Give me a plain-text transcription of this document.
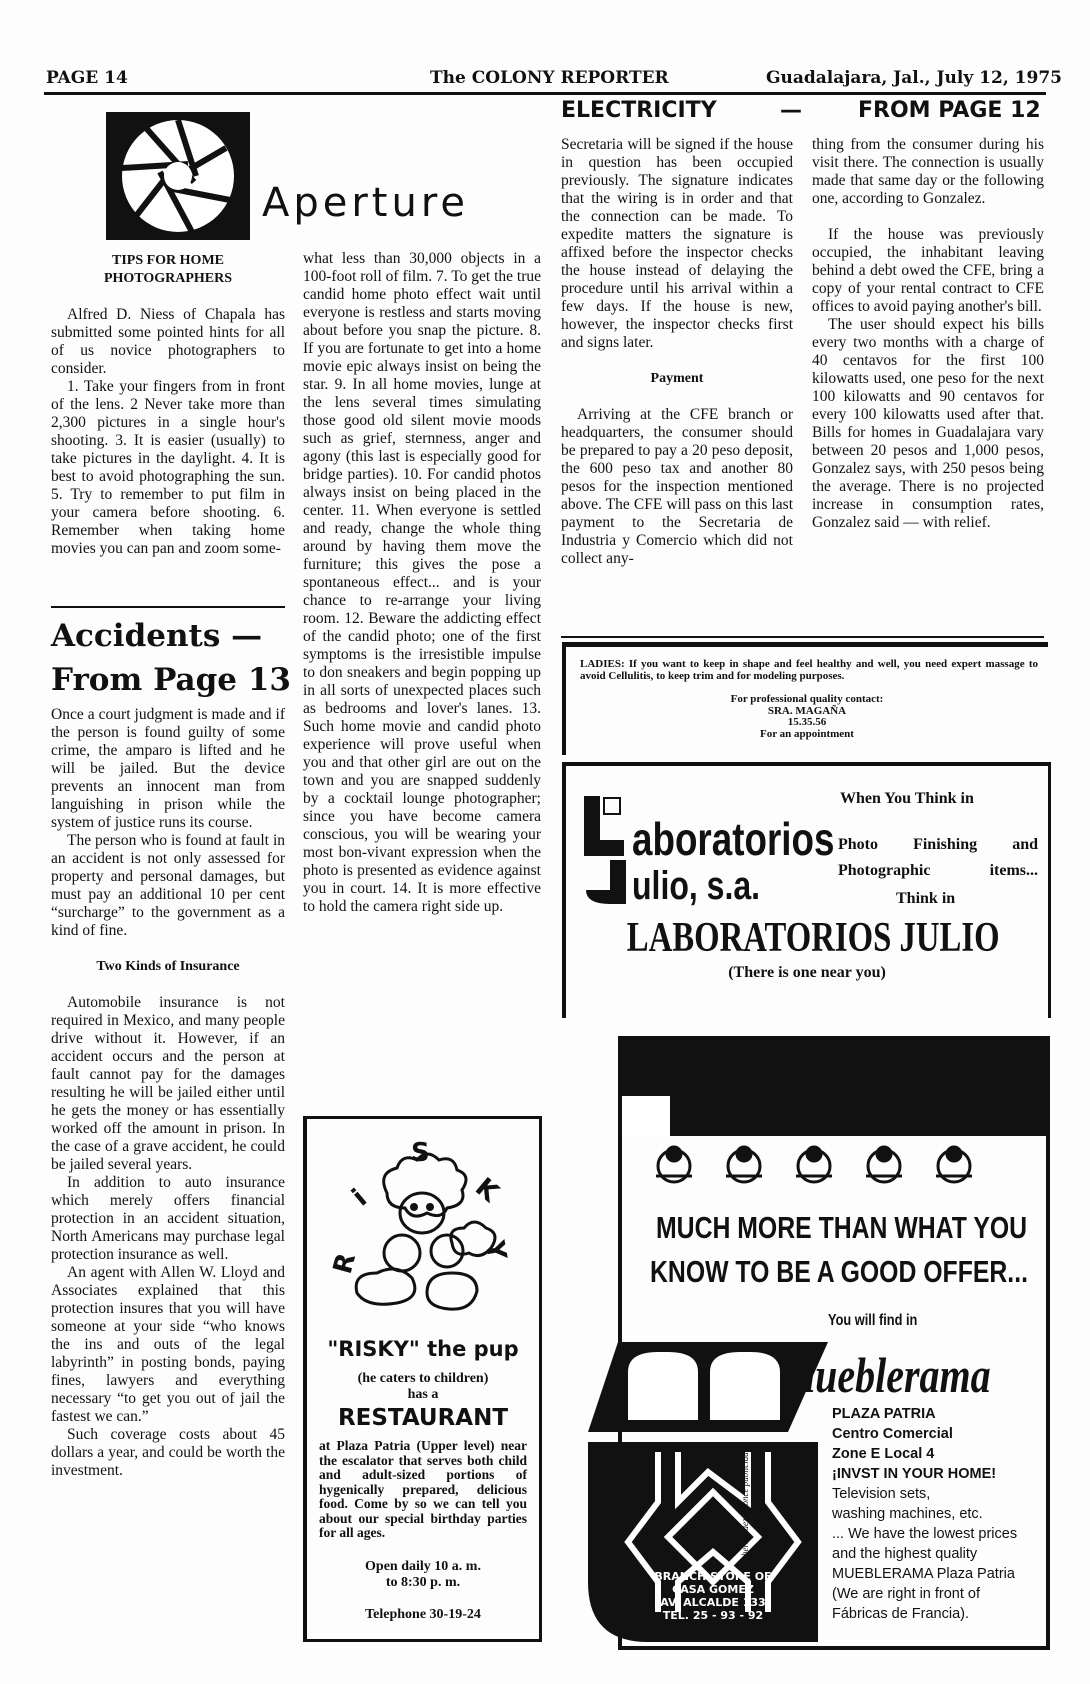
PAGE 14	The COLONY REPORTER	Guadalajara, Jal., July 12, 1975
Aperture

TIPS FOR HOME PHOTOGRAPHERS

Alfred D. Niess of Chapala has submitted some pointed hints for all of us novice photographers to consider.

1. Take your fingers from in front of the lens. 2 Never take more than 2,300 pictures in a single hour's shooting. 3. It is easier (usually) to take pictures in the daylight. 4. It is best to avoid photographing the sun. 5. Try to remember to put film in your camera before shooting. 6. Remember when taking home movies you can pan and zoom some-

Accidents —
From Page 13

Once a court judgment is made and if the person is found guilty of some crime, the amparo is lifted and he will be jailed. But the device prevents an innocent man from languishing in prison while the system of justice runs its course.

The person who is found at fault in an accident is not only assessed for property and personal damages, but must pay an additional 10 per cent “surcharge” to the government as a kind of fine.

Two Kinds of Insurance

Automobile insurance is not required in Mexico, and many people drive without it. However, if an accident occurs and the person at fault cannot pay for the damages resulting he will be jailed either until he gets the money or has essentially worked off the amount in prison. In the case of a grave accident, he could be jailed several years.

In addition to auto insurance which merely offers financial protection in an accident situation, North Americans may purchase legal protection insurance as well.

An agent with Allen W. Lloyd and Associates explained that this protection insures that you will have someone at your side “who knows the ins and outs of the legal labyrinth” in posting bonds, paying fines, lawyers and everything necessary “to get you out of jail the fastest we can.”

Such coverage costs about 45 dollars a year, and could be worth the investment.

what less than 30,000 objects in a 100-foot roll of film. 7. To get the true candid home photo effect wait until everyone is restless and starts moving about before you snap the picture. 8. If you are fortunate to get into a home movie epic always insist on being the star. 9. In all home movies, lunge at the lens several times simulating those good old silent movie moods such as grief, sternness, anger and agony (this last is especially good for bridge parties). 10. For candid photos always insist on being placed in the center. 11. When everyone is settled and ready, change the whole thing around by having them move the furniture; this gives the pose a spontaneous effect... and is your chance to re-arrange your living room. 12. Beware the addicting effect of the candid photo; one of the first symptoms is the irresistible impulse to don sneakers and begin popping up in all sorts of unexpected places such as bedrooms and lover's lanes. 13. Such home movie and candid photo experience will prove useful when you and that other girl are out on the town and you are snapped suddenly by a cocktail lounge photographer; since you have become camera conscious, you will be wearing your most bon-vivant expression when the photo is presented as evidence against you in court. 14. It is more effective to hold the camera right side up.

R
i
S
K
Y
"RISKY" the pup
(he caters to children)
has a
RESTAURANT
at Plaza Patria (Upper level) near the escalator that serves both child and adult-sized portions of hygenically prepared, delicious food. Come by so we can tell you about our special birthday parties for all ages.
Open daily 10 a. m.
to 8:30 p. m.
Telephone 30-19-24
ELECTRICITY	—	FROM PAGE 12

Secretaria will be signed if the house in question has been occupied previously. The signature indicates that the wiring is in order and that the connection can be made. To expedite matters the signature is affixed before the inspector checks the house instead of delaying the procedure until his arrival within a few days. If the house is new, however, the inspector checks first and signs later.

Payment

Arriving at the CFE branch or headquarters, the consumer should be prepared to pay a 20 peso deposit, the 600 peso tax and another 80 pesos for the inspection mentioned above. The CFE will pass on this last payment to the Secretaria de Industria y Comercio which did not collect any-

thing from the consumer during his visit there. The connection is usually made that same day or the following one, according to Gonzalez.

If the house was previously occupied, the inhabitant leaving behind a debt owed the CFE, bring a copy of your rental contract to CFE offices to avoid paying another's bill.

The user should expect his bills every two months with a charge of 40 centavos for the first 100 kilowatts used, one peso for the next 100 kilowatts and 90 centavos for every 100 kilowatts used after that. Bills for homes in Guadalajara vary between 20 pesos and 1,000 pesos, Gonzalez says, with 250 pesos being the average. There is no projected increase in consumption rates, Gonzalez said — with relief.

LADIES: If you want to keep in shape and feel healthy and well, you need expert massage to avoid Cellulitis, to keep trim and for modeling purposes.
For professional quality contact:
SRA. MAGAÑA
15.35.56
For an appointment
When You Think in
aboratorios
ulio, s.a.
Photo Finishing and Photographic items...
Think in
LABORATORIOS JULIO
(There is one near you)
MUCH MORE THAN WHAT YOU
KNOW TO BE A GOOD OFFER...
You will find in
BRANCH STORE OF
CASA GOMEZ
AV. ALCALDE 133
TEL. 25 - 93 - 92
hernandez y ponce publicidad
mueblerama
PLAZA PATRIA
Centro Comercial
Zone E Local 4
¡INVST IN YOUR HOME!
Television sets,
washing machines, etc.
... We have the lowest prices
and the highest quality
MUEBLERAMA Plaza Patria
(We are right in front of
Fábricas de Francia).
